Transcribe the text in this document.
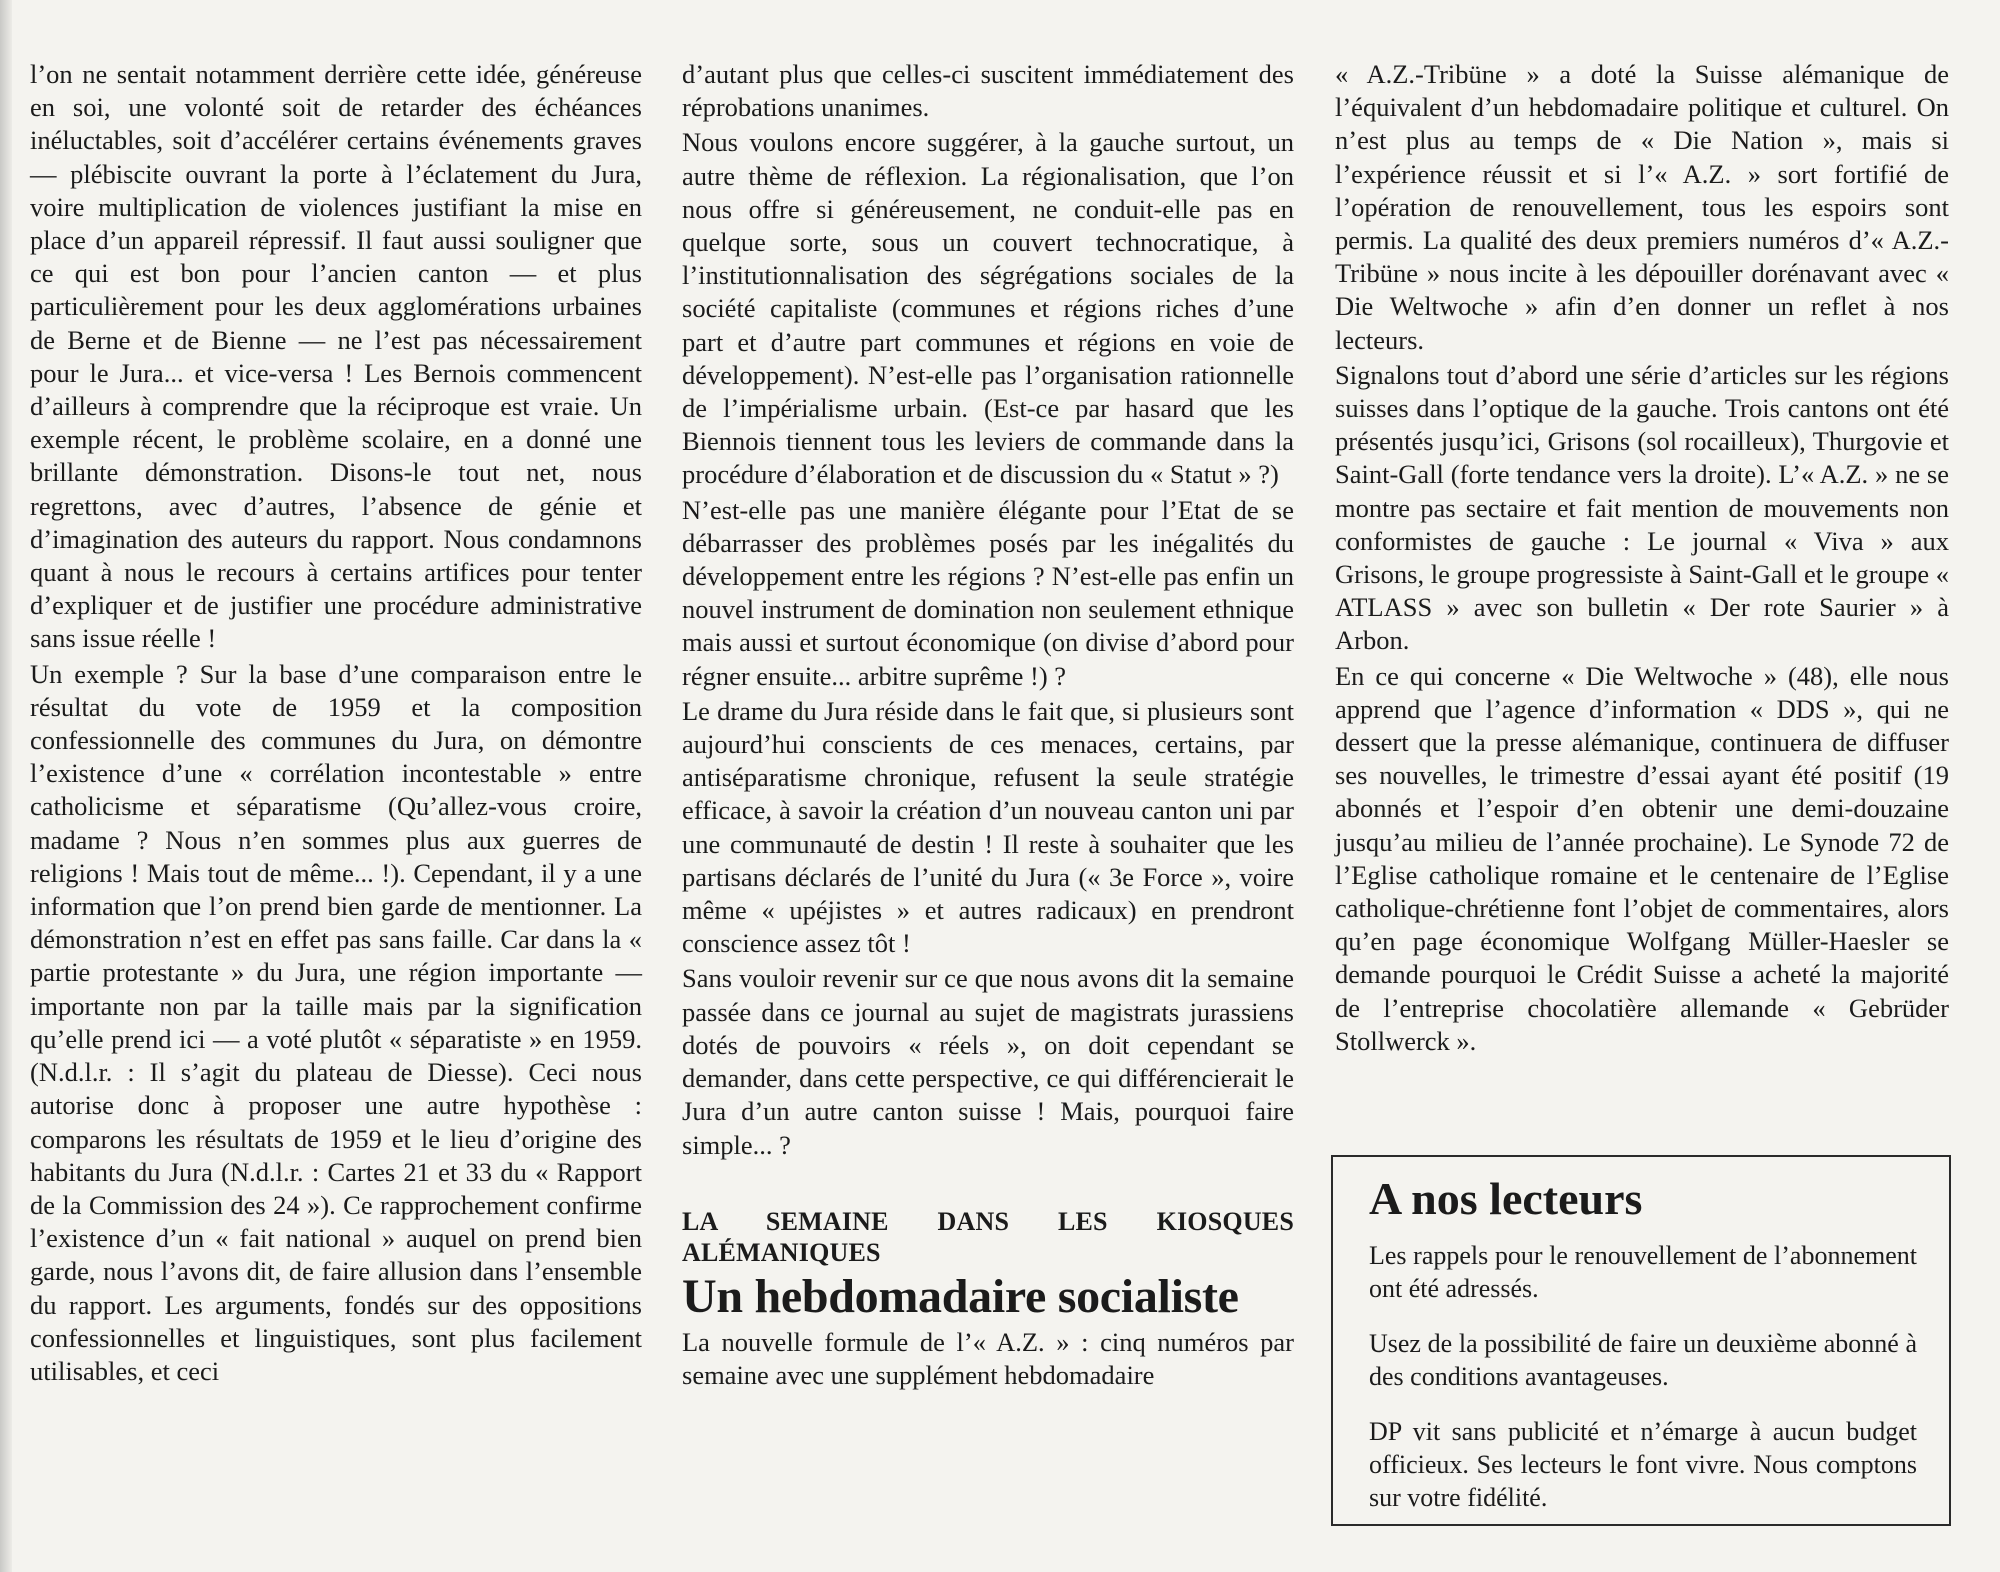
l’on ne sentait notamment derrière cette idée, généreuse en soi, une volonté soit de retarder des échéances inéluctables, soit d’accélérer certains événements graves — plébiscite ouvrant la porte à l’éclatement du Jura, voire multiplication de violences justifiant la mise en place d’un appareil répressif. Il faut aussi souligner que ce qui est bon pour l’ancien canton — et plus particulièrement pour les deux agglomérations urbaines de Berne et de Bienne — ne l’est pas nécessairement pour le Jura... et vice-versa ! Les Bernois commencent d’ailleurs à comprendre que la réciproque est vraie. Un exemple récent, le problème scolaire, en a donné une brillante démonstration. Disons-le tout net, nous regrettons, avec d’autres, l’absence de génie et d’imagination des auteurs du rapport. Nous condamnons quant à nous le recours à certains artifices pour tenter d’expliquer et de justifier une procédure administrative sans issue réelle !

Un exemple ? Sur la base d’une comparaison entre le résultat du vote de 1959 et la composition confessionnelle des communes du Jura, on démontre l’existence d’une « corrélation incontestable » entre catholicisme et séparatisme (Qu’allez-vous croire, madame ? Nous n’en sommes plus aux guerres de religions ! Mais tout de même... !). Cependant, il y a une information que l’on prend bien garde de mentionner. La démonstration n’est en effet pas sans faille. Car dans la « partie protestante » du Jura, une région importante — importante non par la taille mais par la signification qu’elle prend ici — a voté plutôt « séparatiste » en 1959. (N.d.l.r. : Il s’agit du plateau de Diesse). Ceci nous autorise donc à proposer une autre hypothèse : comparons les résultats de 1959 et le lieu d’origine des habitants du Jura (N.d.l.r. : Cartes 21 et 33 du « Rapport de la Commission des 24 »). Ce rapprochement confirme l’existence d’un « fait national » auquel on prend bien garde, nous l’avons dit, de faire allusion dans l’ensemble du rapport. Les arguments, fondés sur des oppositions confessionnelles et linguistiques, sont plus facilement utilisables, et ceci

d’autant plus que celles-ci suscitent immédiatement des réprobations unanimes.

Nous voulons encore suggérer, à la gauche surtout, un autre thème de réflexion. La régionalisation, que l’on nous offre si généreusement, ne conduit-elle pas en quelque sorte, sous un couvert technocratique, à l’institutionnalisation des ségrégations sociales de la société capitaliste (communes et régions riches d’une part et d’autre part communes et régions en voie de développement). N’est-elle pas l’organisation rationnelle de l’impérialisme urbain. (Est-ce par hasard que les Biennois tiennent tous les leviers de commande dans la procédure d’élaboration et de discussion du « Statut » ?)

N’est-elle pas une manière élégante pour l’Etat de se débarrasser des problèmes posés par les inégalités du développement entre les régions ? N’est-elle pas enfin un nouvel instrument de domination non seulement ethnique mais aussi et surtout économique (on divise d’abord pour régner ensuite... arbitre suprême !) ?

Le drame du Jura réside dans le fait que, si plusieurs sont aujourd’hui conscients de ces menaces, certains, par antiséparatisme chronique, refusent la seule stratégie efficace, à savoir la création d’un nouveau canton uni par une communauté de destin ! Il reste à souhaiter que les partisans déclarés de l’unité du Jura (« 3e Force », voire même « upéjistes » et autres radicaux) en prendront conscience assez tôt !

Sans vouloir revenir sur ce que nous avons dit la semaine passée dans ce journal au sujet de magistrats jurassiens dotés de pouvoirs « réels », on doit cependant se demander, dans cette perspective, ce qui différencierait le Jura d’un autre canton suisse ! Mais, pourquoi faire simple... ?

LA SEMAINE DANS LES KIOSQUES ALÉMANIQUES
Un hebdomadaire socialiste

La nouvelle formule de l’« A.Z. » : cinq numéros par semaine avec une supplément hebdomadaire

« A.Z.-Tribüne » a doté la Suisse alémanique de l’équivalent d’un hebdomadaire politique et culturel. On n’est plus au temps de « Die Nation », mais si l’expérience réussit et si l’« A.Z. » sort fortifié de l’opération de renouvellement, tous les espoirs sont permis. La qualité des deux premiers numéros d’« A.Z.-Tribüne » nous incite à les dépouiller dorénavant avec « Die Weltwoche » afin d’en donner un reflet à nos lecteurs.

Signalons tout d’abord une série d’articles sur les régions suisses dans l’optique de la gauche. Trois cantons ont été présentés jusqu’ici, Grisons (sol rocailleux), Thurgovie et Saint-Gall (forte tendance vers la droite). L’« A.Z. » ne se montre pas sectaire et fait mention de mouvements non conformistes de gauche : Le journal « Viva » aux Grisons, le groupe progressiste à Saint-Gall et le groupe « ATLASS » avec son bulletin « Der rote Saurier » à Arbon.

En ce qui concerne « Die Weltwoche » (48), elle nous apprend que l’agence d’information « DDS », qui ne dessert que la presse alémanique, continuera de diffuser ses nouvelles, le trimestre d’essai ayant été positif (19 abonnés et l’espoir d’en obtenir une demi-douzaine jusqu’au milieu de l’année prochaine). Le Synode 72 de l’Eglise catholique romaine et le centenaire de l’Eglise catholique-chrétienne font l’objet de commentaires, alors qu’en page économique Wolfgang Müller-Haesler se demande pourquoi le Crédit Suisse a acheté la majorité de l’entreprise chocolatière allemande « Gebrüder Stollwerck ».

A nos lecteurs

Les rappels pour le renouvellement de l’abonnement ont été adressés.

Usez de la possibilité de faire un deuxième abonné à des conditions avantageuses.

DP vit sans publicité et n’émarge à aucun budget officieux. Ses lecteurs le font vivre. Nous comptons sur votre fidélité.
